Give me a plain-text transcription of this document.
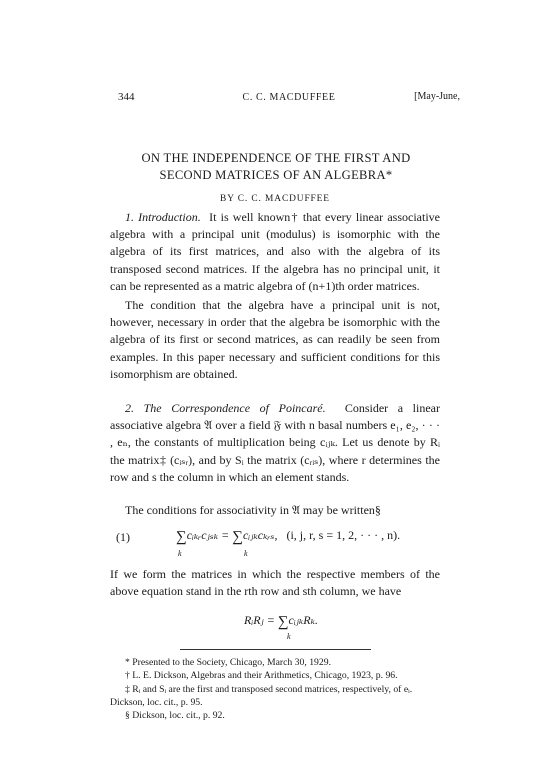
344	C. C. MACDUFFEE	[May-June,
ON THE INDEPENDENCE OF THE FIRST AND
SECOND MATRICES OF AN ALGEBRA*
BY C. C. MACDUFFEE

1. Introduction. It is well known† that every linear associative algebra with a principal unit (modulus) is isomorphic with the algebra of its first matrices, and also with the algebra of its transposed second matrices. If the algebra has no principal unit, it can be represented as a matric algebra of (n+1)th order matrices.

The condition that the algebra have a principal unit is not, however, necessary in order that the algebra be isomorphic with the algebra of its first or second matrices, as can readily be seen from examples. In this paper necessary and sufficient conditions for this isomorphism are obtained.

2. The Correspondence of Poincaré. Consider a linear associative algebra 𝔄 over a field 𝔉 with n basal numbers e₁, e₂, · · · , eₙ, the constants of multiplication being cᵢⱼₖ. Let us denote by Rᵢ the matrix‡ (cᵢₛᵣ), and by Sᵢ the matrix (cᵣᵢₛ), where r determines the row and s the column in which an element stands.

The conditions for associativity in 𝔄 may be written§

(1)	∑cᵢₖᵣcⱼₛₖ = ∑cᵢⱼₖcₖᵣₛ, (i, j, r, s = 1, 2, · · · , n).
k	k

If we form the matrices in which the respective members of the above equation stand in the rth row and sth column, we have

RᵢRⱼ = ∑cᵢⱼₖRₖ.
k

* Presented to the Society, Chicago, March 30, 1929.

† L. E. Dickson, Algebras and their Arithmetics, Chicago, 1923, p. 96.

‡ Rᵢ and Sᵢ are the first and transposed second matrices, respectively, of eᵢ. Dickson, loc. cit., p. 95.

§ Dickson, loc. cit., p. 92.
